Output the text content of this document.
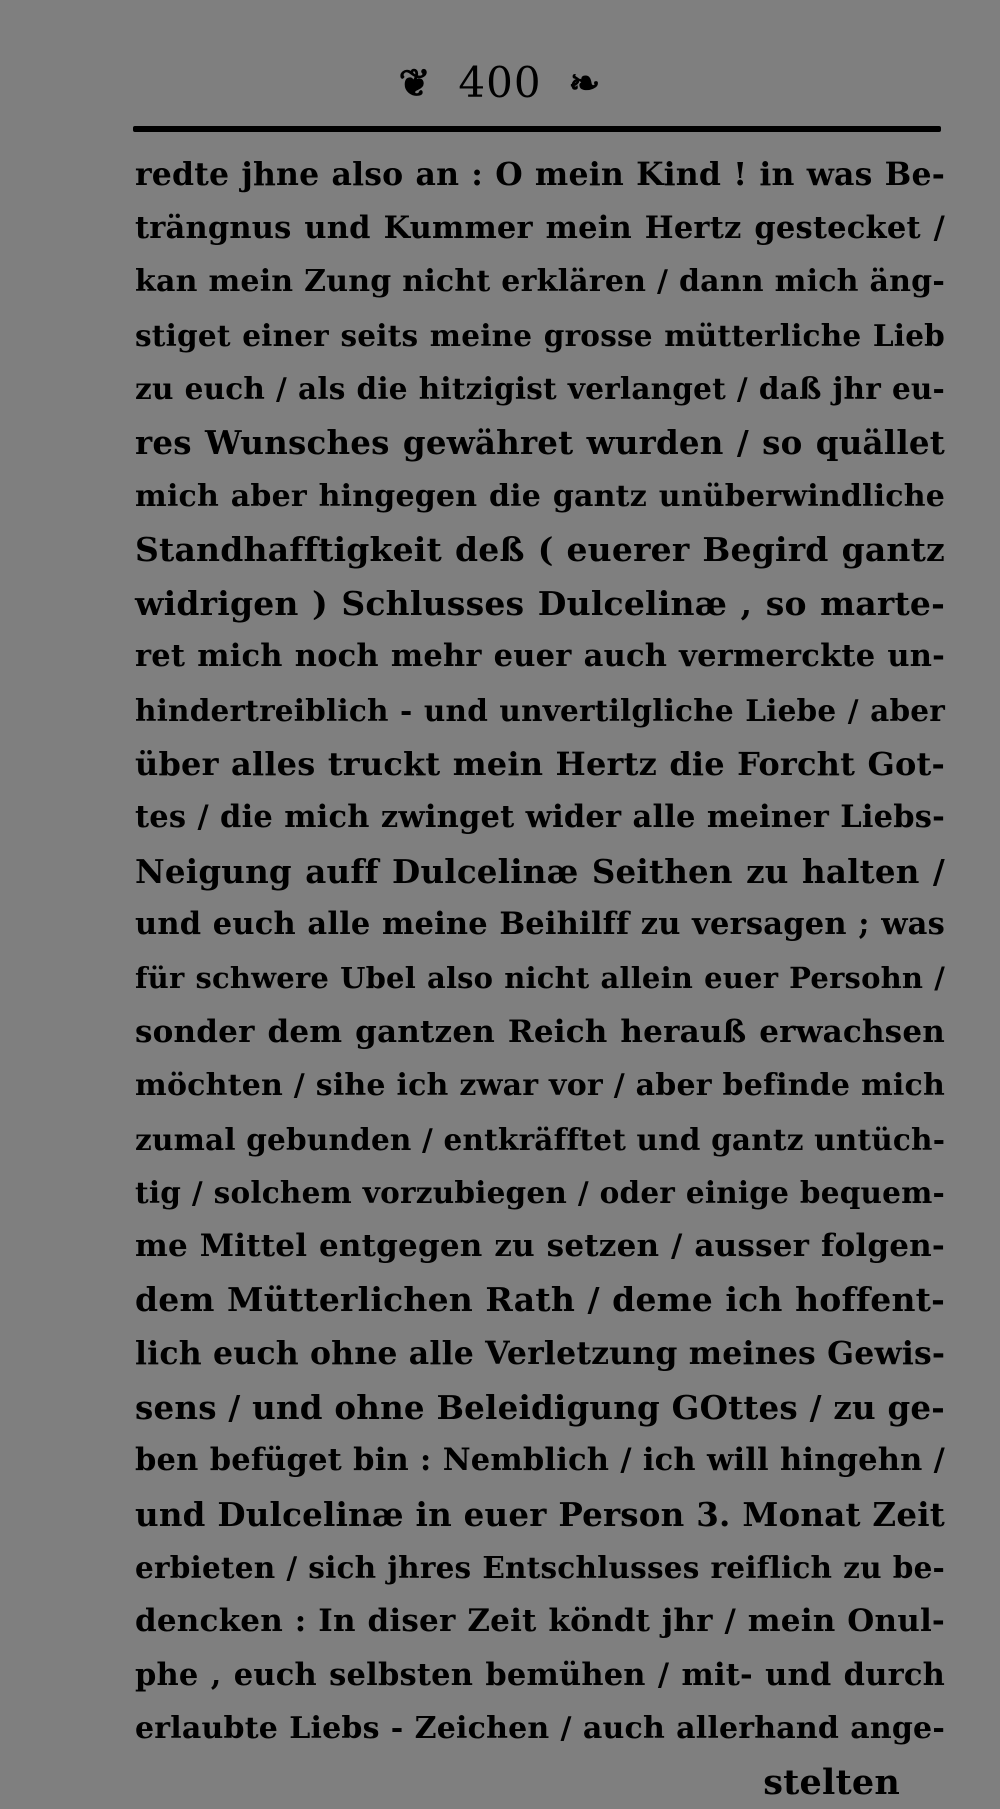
❦ 400 ❧
redte jhne also an : O mein Kind ! in was Be-
trängnus und Kummer mein Hertz gestecket /
kan mein Zung nicht erklären / dann mich äng-
stiget einer seits meine grosse mütterliche Lieb
zu euch / als die hitzigist verlanget / daß jhr eu-
res Wunsches gewähret wurden / so quället
mich aber hingegen die gantz unüberwindliche
Standhafftigkeit deß ( euerer Begird gantz
widrigen ) Schlusses Dulcelinæ , so marte-
ret mich noch mehr euer auch vermerckte un-
hindertreiblich - und unvertilgliche Liebe / aber
über alles truckt mein Hertz die Forcht Got-
tes / die mich zwinget wider alle meiner Liebs-
Neigung auff Dulcelinæ Seithen zu halten /
und euch alle meine Beihilff zu versagen ; was
für schwere Ubel also nicht allein euer Persohn /
sonder dem gantzen Reich herauß erwachsen
möchten / sihe ich zwar vor / aber befinde mich
zumal gebunden / entkräfftet und gantz untüch-
tig / solchem vorzubiegen / oder einige bequem-
me Mittel entgegen zu setzen / ausser folgen-
dem Mütterlichen Rath / deme ich hoffent-
lich euch ohne alle Verletzung meines Gewis-
sens / und ohne Beleidigung GOttes / zu ge-
ben befüget bin : Nemblich / ich will hingehn /
und Dulcelinæ in euer Person 3. Monat Zeit
erbieten / sich jhres Entschlusses reiflich zu be-
dencken : In diser Zeit köndt jhr / mein Onul-
phe , euch selbsten bemühen / mit- und durch
erlaubte Liebs - Zeichen / auch allerhand ange-
stelten
